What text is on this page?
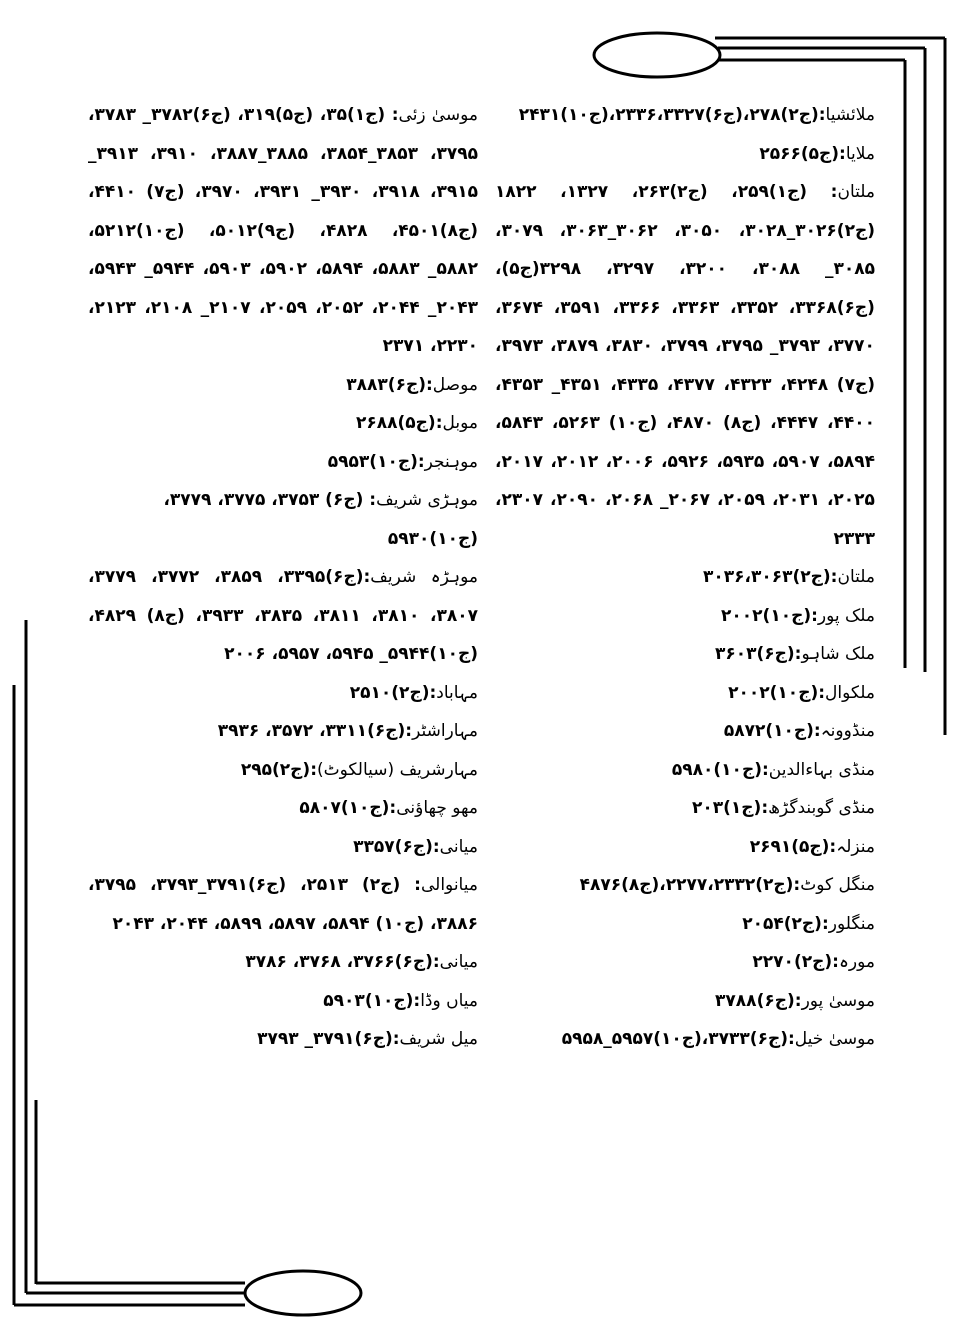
ملائشیا:(ج۲)۲۷۸،(ج۶)۲۳۳۶،۳۳۲۷،(ج۱۰)۲۴۳۱

ملایا:(ج۵)۲۵۶۶

ملتان: (ج۱)۲۵۹، (ج۲)۲۶۳، ۱۳۲۷، ۱۸۲۲ (ج۲)۳۰۲۶_۳۰۲۸، ۳۰۵۰، ۳۰۶۲_۳۰۶۳، ۳۰۷۹، ۳۰۸۵_ ۳۰۸۸، ۳۲۰۰، ۳۲۹۷، ۳۲۹۸(ج۵)، (ج۶)۳۳۶۸، ۳۳۵۲، ۳۳۶۳، ۳۳۶۶، ۳۵۹۱، ۳۶۷۴، ۳۷۷۰، ۳۷۹۳_ ۳۷۹۵، ۳۷۹۹، ۳۸۳۰، ۳۸۷۹، ۳۹۷۳، (ج۷) ۴۲۴۸، ۴۳۲۳، ۴۳۷۷، ۴۳۳۵، ۴۳۵۱_ ۴۳۵۳، ۴۴۰۰، ۴۴۴۷، (ج۸) ۴۸۷۰، (ج۱۰) ۵۲۶۳، ۵۸۴۳، ۵۸۹۴، ۵۹۰۷، ۵۹۳۵، ۵۹۲۶، ۲۰۰۶، ۲۰۱۲، ۲۰۱۷، ۲۰۲۵، ۲۰۳۱، ۲۰۵۹، ۲۰۶۷_ ۲۰۶۸، ۲۰۹۰، ۲۳۰۷، ۲۳۳۳

ملتان:(ج۲)۳۰۳۶،۳۰۶۳

ملک پور:(ج۱۰)۲۰۰۲

ملک شاہو:(ج۶)۳۶۰۳

ملکوال:(ج۱۰)۲۰۰۲

منڈوونہ:(ج۱۰)۵۸۷۲

منڈی بہاءالدین:(ج۱۰)۵۹۸۰

منڈی گوبندگڑھ:(ج۱)۲۰۳

منزلہ:(ج۵)۲۶۹۱

منگل کوٹ:(ج۲)۲۲۷۷،۲۳۳۲،(ج۸)۴۸۷۶

منگلور:(ج۲)۲۰۵۴

مورہ:(ج۲)۲۲۷۰

موسیٰ پور:(ج۶)۳۷۸۸

موسیٰ خیل:(ج۶)۳۷۳۳،(ج۱۰)۵۹۵۷_۵۹۵۸

موسیٰ زئی: (ج۱)۳۵، (ج۵)۳۱۹، (ج۶)۳۷۸۲_ ۳۷۸۳، ۳۷۹۵، ۳۸۵۳_۳۸۵۴، ۳۸۸۵_۳۸۸۷، ۳۹۱۰، ۳۹۱۳_ ۳۹۱۵، ۳۹۱۸، ۳۹۳۰_ ۳۹۳۱، ۳۹۷۰، (ج۷) ۴۴۱۰، (ج۸)۴۵۰۱، ۴۸۲۸، (ج۹)۵۰۱۲، (ج۱۰)۵۲۱۲، ۵۸۸۲_ ۵۸۸۳، ۵۸۹۴، ۵۹۰۲، ۵۹۰۳، ۵۹۴۴_ ۵۹۴۳، ۲۰۴۳_ ۲۰۴۴، ۲۰۵۲، ۲۰۵۹، ۲۱۰۷_ ۲۱۰۸، ۲۱۲۳، ۲۲۳۰، ۲۳۷۱

موصل:(ج۶)۳۸۸۳

موبل:(ج۵)۲۶۸۸

موہنجر:(ج۱۰)۵۹۵۳

موہڑی شریف: (ج۶) ۳۷۵۳، ۳۷۷۵، ۳۷۷۹، (ج۱۰)۵۹۳۰

موہڑہ شریف:(ج۶)۳۳۹۵، ۳۸۵۹، ۳۷۷۲، ۳۷۷۹، ۳۸۰۷، ۳۸۱۰، ۳۸۱۱، ۳۸۳۵، ۳۹۳۳، (ج۸) ۴۸۲۹، (ج۱۰)۵۹۴۴_ ۵۹۴۵، ۵۹۵۷، ۲۰۰۶

مہاباد:(ج۲)۲۵۱۰

مہاراشٹر:(ج۶)۳۳۱۱، ۳۵۷۲، ۳۹۳۶

مہارشریف (سیالکوٹ):(ج۲)۲۹۵

مھو چھاؤنی:(ج۱۰)۵۸۰۷

میانی:(ج۶)۳۳۵۷

میانوالی: (ج۲) ۲۵۱۳، (ج۶)۳۷۹۱_۳۷۹۳، ۳۷۹۵، ۳۸۸۶، (ج۱۰) ۵۸۹۴، ۵۸۹۷، ۵۸۹۹، ۲۰۴۴، ۲۰۴۳

میانی:(ج۶)۳۷۶۶، ۳۷۶۸، ۳۷۸۶

میاں وڈا:(ج۱۰)۵۹۰۳

میل شریف:(ج۶)۳۷۹۱_ ۳۷۹۳
